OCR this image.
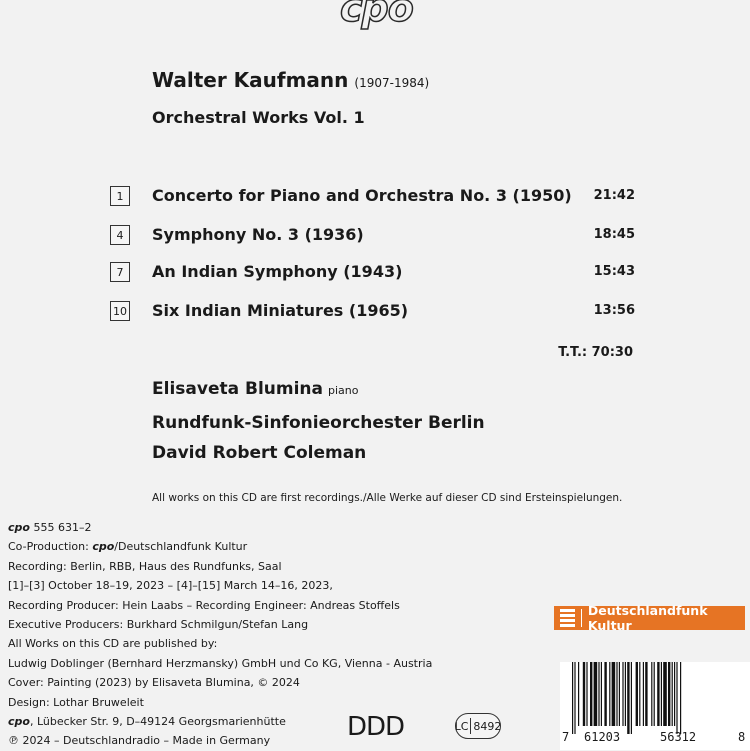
cpo
Walter Kaufmann (1907-1984)
Orchestral Works Vol. 1
1	Concerto for Piano and Orchestra No. 3 (1950) 21:42
4	Symphony No. 3 (1936)	18:45
7	An Indian Symphony (1943)	15:43
10 Six Indian Miniatures (1965)	13:56
T.T.: 70:30
Elisaveta Blumina piano
Rundfunk-Sinfonieorchester Berlin
David Robert Coleman
All works on this CD are first recordings./Alle Werke auf dieser CD sind Ersteinspielungen.
cpo 555 631–2
Co-Production: cpo/Deutschlandfunk Kultur
Recording: Berlin, RBB, Haus des Rundfunks, Saal
[1]–[3] October 18–19, 2023 – [4]–[15] March 14–16, 2023,
Recording Producer: Hein Laabs – Recording Engineer: Andreas Stoffels
Executive Producers: Burkhard Schmilgun/Stefan Lang
All Works on this CD are published by:
Ludwig Doblinger (Bernhard Herzmansky) GmbH und Co KG, Vienna - Austria
Cover: Painting (2023) by Elisaveta Blumina, © 2024
Design: Lothar Bruweleit
cpo, Lübecker Str. 9, D–49124 Georgsmarienhütte
℗ 2024 – Deutschlandradio – Made in Germany
Deutschlandfunk Kultur
DDD	LC 8492
7 61203	56312	8
